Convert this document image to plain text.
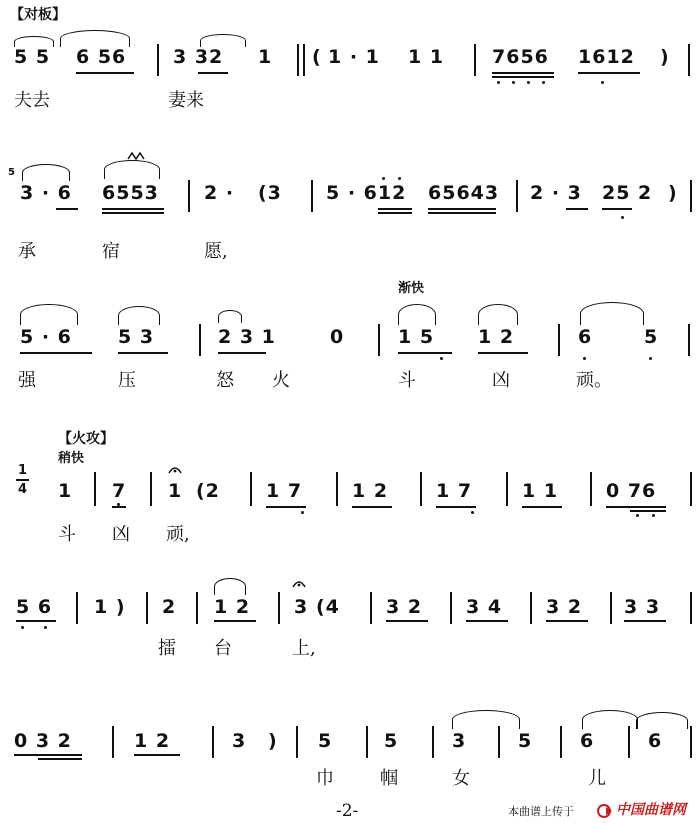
【对板】
5 5 6 56 3 32 1 ( 1 · 1 1 1	7656 1612 )
夫去	妻来
5
3 · 6 6553 2 · (3 5 · 612 65643 2 · 3 25 2 )
承	宿	愿,
渐快
5 · 6 5 3	2 3 1	0	1 5 1 2	6	5
强	压	怒 火	斗	凶	顽。
【火攻】
稍快
1
4 1 7 1 (2 1 7	1 2	1 7	1 1	0 76
斗 凶 顽,
5 6 1 ) 2 1 2 3 (4 3 2 3 4 3 2 3 3
擂 台	上,
0 3 2	1 2	3 ) 5	5	3	5	6	6
巾	帼	女	儿
-2-	本曲谱上传于	中国曲谱网
